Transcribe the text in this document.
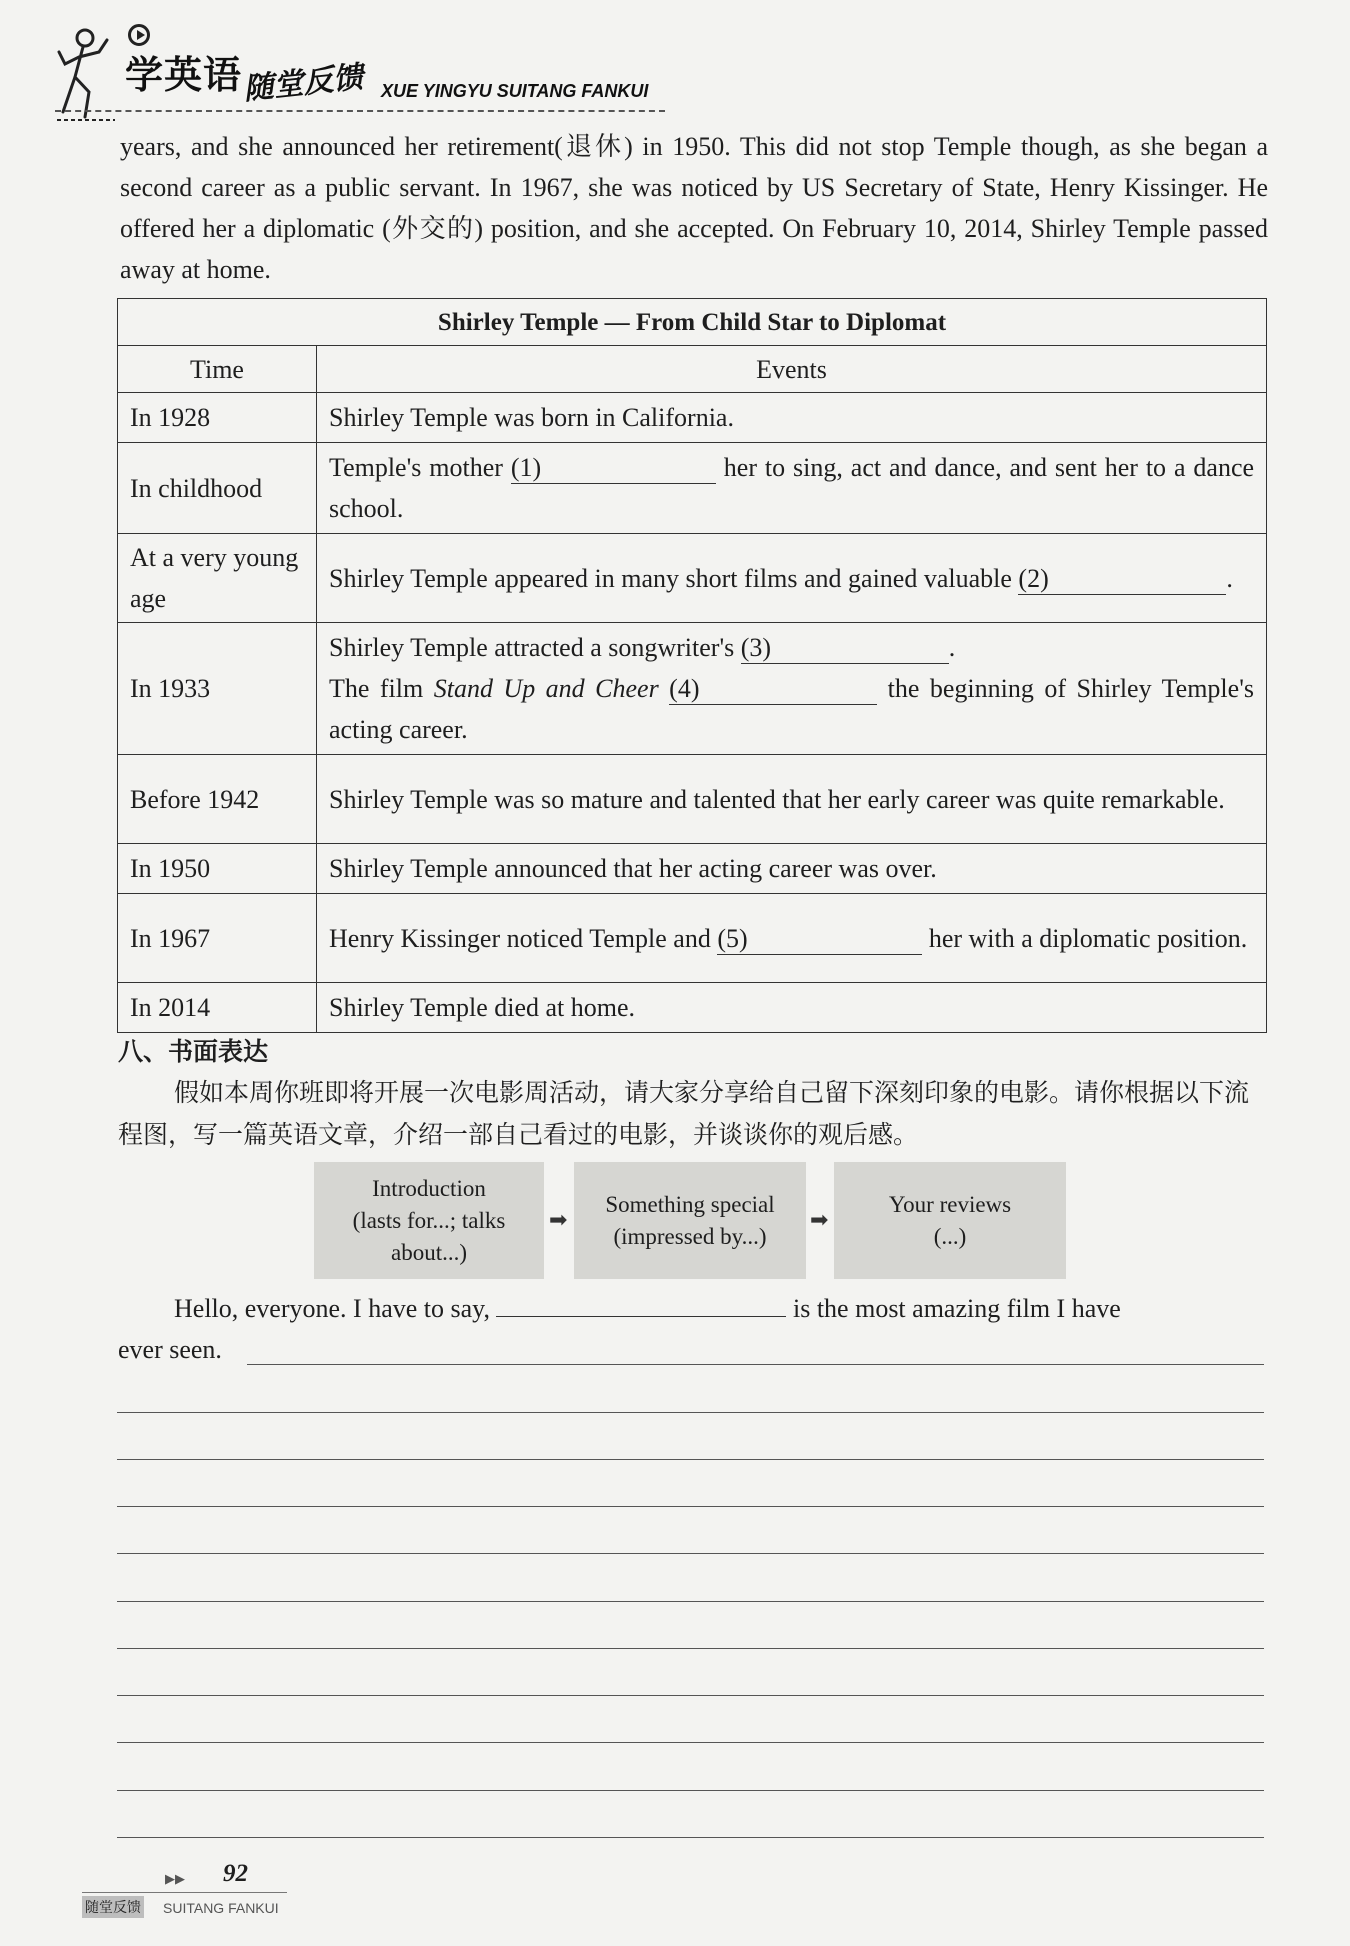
学英语 随堂反馈 XUE YINGYU SUITANG FANKUI
years, and she announced her retirement(退休) in 1950. This did not stop Temple though, as she began a second career as a public servant. In 1967, she was noticed by US Secretary of State, Henry Kissinger. He offered her a diplomatic (外交的) position, and she accepted. On February 10, 2014, Shirley Temple passed away at home.
Shirley Temple — From Child Star to Diplomat	
Time	Events
In 1928	Shirley Temple was born in California.
In childhood	Temple's mother (1) her to sing, act and dance, and sent her to a dance school.
At a very young age	Shirley Temple appeared in many short films and gained valuable (2) .
In 1933	Shirley Temple attracted a songwriter's (3) .
The film Stand Up and Cheer (4) the beginning of Shirley Temple's acting career.
Before 1942	Shirley Temple was so mature and talented that her early career was quite remarkable.
In 1950	Shirley Temple announced that her acting career was over.
In 1967	Henry Kissinger noticed Temple and (5) her with a diplomatic position.
In 2014	Shirley Temple died at home.
八、书面表达
假如本周你班即将开展一次电影周活动，请大家分享给自己留下深刻印象的电影。请你根据以下流程图，写一篇英语文章，介绍一部自己看过的电影，并谈谈你的观后感。
Introduction
(lasts for...; talks
about...)
➡
Something special
(impressed by...)
➡
Your reviews
(...)
Hello, everyone. I have to say,	is the most amazing film I have
ever seen.
▶▶ 92
随堂反馈 SUITANG FANKUI
